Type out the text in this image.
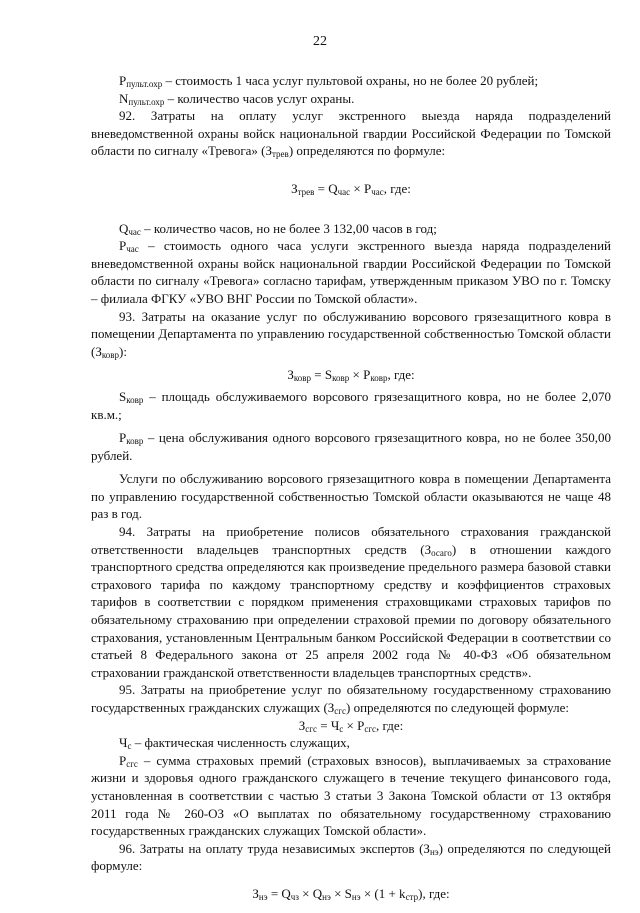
22

$Р_{пульт.охр}$ – стоимость 1 часа услуг пультовой охраны, но не более 20 рублей;

$N_{пульт.охр}$ – количество часов услуг охраны.

92. Затраты на оплату услуг экстренного выезда наряда подразделений вневедомственной охраны войск национальной гвардии Российской Федерации по Томской области по сигналу «Тревога» $(З_{трев})$ определяются по формуле:

$З_{трев} = Q_{час} \times Р_{час}$, где:

$Q_{час}$ – количество часов, но не более 3 132,00 часов в год;

$Р_{час}$ – стоимость одного часа услуги экстренного выезда наряда подразделений вневедомственной охраны войск национальной гвардии Российской Федерации по Томской области по сигналу «Тревога» согласно тарифам, утвержденным приказом УВО по г. Томску – филиала ФГКУ «УВО ВНГ России по Томской области».

93. Затраты на оказание услуг по обслуживанию ворсового грязезащитного ковра в помещении Департамента по управлению государственной собственностью Томской области $(З_{ковр})$:

$З_{ковр} = S_{ковр} \times Р_{ковр}$, где:

$S_{ковр}$ – площадь обслуживаемого ворсового грязезащитного ковра, но не более 2,070 кв.м.;

$Р_{ковр}$ – цена обслуживания одного ворсового грязезащитного ковра, но не более 350,00 рублей.

Услуги по обслуживанию ворсового грязезащитного ковра в помещении Департамента по управлению государственной собственностью Томской области оказываются не чаще 48 раз в год.

94. Затраты на приобретение полисов обязательного страхования гражданской ответственности владельцев транспортных средств $(З_{осаго})$ в отношении каждого транспортного средства определяются как произведение предельного размера базовой ставки страхового тарифа по каждому транспортному средству и коэффициентов страховых тарифов в соответствии с порядком применения страховщиками страховых тарифов по обязательному страхованию при определении страховой премии по договору обязательного страхования, установленным Центральным банком Российской Федерации в соответствии со статьей 8 Федерального закона от 25 апреля 2002 года № 40-ФЗ «Об обязательном страховании гражданской ответственности владельцев транспортных средств».

95. Затраты на приобретение услуг по обязательному государственному страхованию государственных гражданских служащих $(З_{сгс})$ определяются по следующей формуле:

$З_{сгс} = Ч_с \times Р_{сгс}$, где:

$Ч_с$ – фактическая численность служащих,

$Р_{сгс}$ – сумма страховых премий (страховых взносов), выплачиваемых за страхование жизни и здоровья одного гражданского служащего в течение текущего финансового года, установленная в соответствии с частью 3 статьи 3 Закона Томской области от 13 октября 2011 года № 260-ОЗ «О выплатах по обязательному государственному страхованию государственных гражданских служащих Томской области».

96. Затраты на оплату труда независимых экспертов $(З_{нэ})$ определяются по следующей формуле:

$З_{нэ} = Q_{чз} \times Q_{нэ} \times S_{нэ} \times (1 + k_{стр})$, где:
